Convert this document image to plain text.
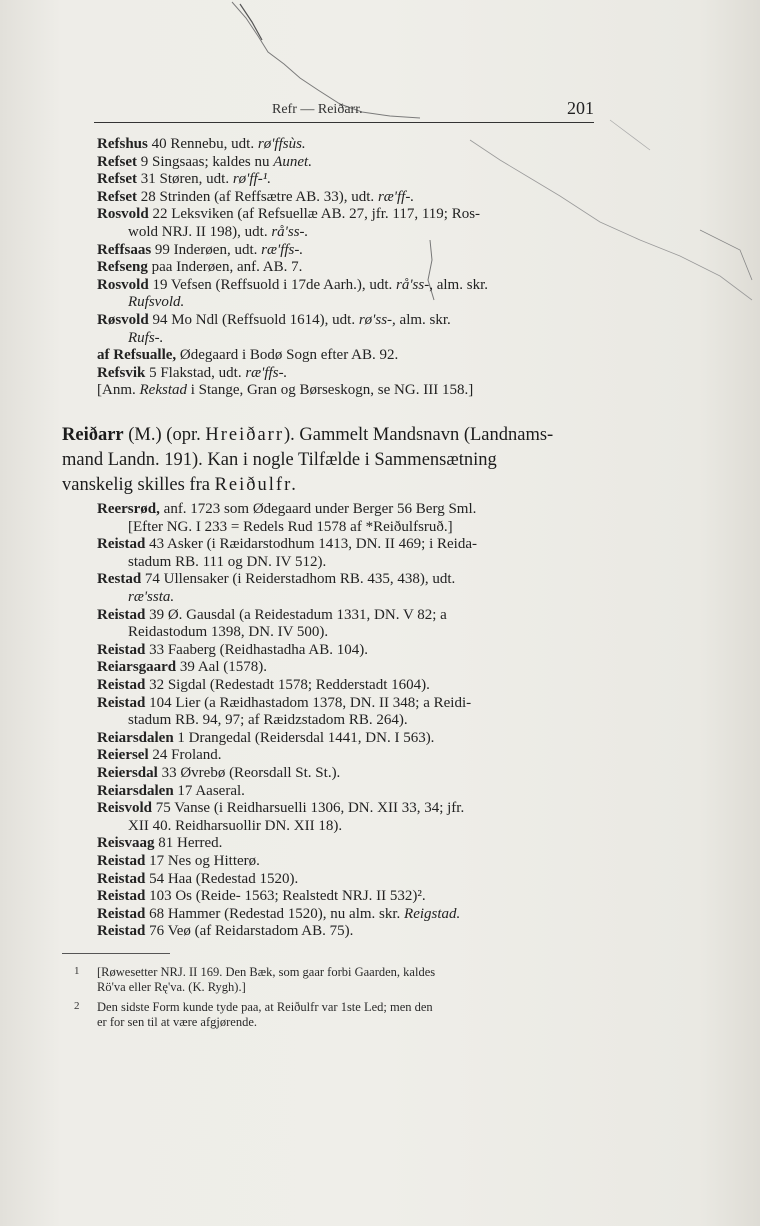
Refr — Reiðarr.	201
Refshus 40 Rennebu, udt. rø'ffsùs.
Refset 9 Singsaas; kaldes nu Aunet.
Refset 31 Støren, udt. rø'ff-¹.
Refset 28 Strinden (af Reffsætre AB. 33), udt. ræ'ff-.
Rosvold 22 Leksviken (af Refsuellæ AB. 27, jfr. 117, 119; Ros-
wold NRJ. II 198), udt. rå'ss-.
Reffsaas 99 Inderøen, udt. ræ'ffs-.
Refseng paa Inderøen, anf. AB. 7.
Rosvold 19 Vefsen (Reffsuold i 17de Aarh.), udt. rå'ss-, alm. skr.
Rufsvold.
Røsvold 94 Mo Ndl (Reffsuold 1614), udt. rø'ss-, alm. skr.
Rufs-.
af Refsualle, Ødegaard i Bodø Sogn efter AB. 92.
Refsvik 5 Flakstad, udt. ræ'ffs-.
[Anm. Rekstad i Stange, Gran og Børseskogn, se NG. III 158.]
Reiðarr (M.) (opr. Hreiðarr). Gammelt Mandsnavn (Landnams-
mand Landn. 191). Kan i nogle Tilfælde i Sammensætning
vanskelig skilles fra Reiðulfr.
Reersrød, anf. 1723 som Ødegaard under Berger 56 Berg Sml.
[Efter NG. I 233 = Redels Rud 1578 af *Reiðulfsruð.]
Reistad 43 Asker (i Ræidarstodhum 1413, DN. II 469; i Reida-
stadum RB. 111 og DN. IV 512).
Restad 74 Ullensaker (i Reiderstadhom RB. 435, 438), udt.
ræ'ssta.
Reistad 39 Ø. Gausdal (a Reidestadum 1331, DN. V 82; a
Reidastodum 1398, DN. IV 500).
Reistad 33 Faaberg (Reidhastadha AB. 104).
Reiarsgaard 39 Aal (1578).
Reistad 32 Sigdal (Redestadt 1578; Redderstadt 1604).
Reistad 104 Lier (a Ræidhastadom 1378, DN. II 348; a Reidi-
stadum RB. 94, 97; af Ræidzstadom RB. 264).
Reiarsdalen 1 Drangedal (Reidersdal 1441, DN. I 563).
Reiersel 24 Froland.
Reiersdal 33 Øvrebø (Reorsdall St. St.).
Reiarsdalen 17 Aaseral.
Reisvold 75 Vanse (i Reidharsuelli 1306, DN. XII 33, 34; jfr.
XII 40. Reidharsuollir DN. XII 18).
Reisvaag 81 Herred.
Reistad 17 Nes og Hitterø.
Reistad 54 Haa (Redestad 1520).
Reistad 103 Os (Reide- 1563; Realstedt NRJ. II 532)².
Reistad 68 Hammer (Redestad 1520), nu alm. skr. Reigstad.
Reistad 76 Veø (af Reidarstadom AB. 75).
1 [Røwesetter NRJ. II 169. Den Bæk, som gaar forbi Gaarden, kaldes
Rö'va eller Rę'va. (K. Rygh).]
2 Den sidste Form kunde tyde paa, at Reiðulfr var 1ste Led; men den
er for sen til at være afgjørende.
